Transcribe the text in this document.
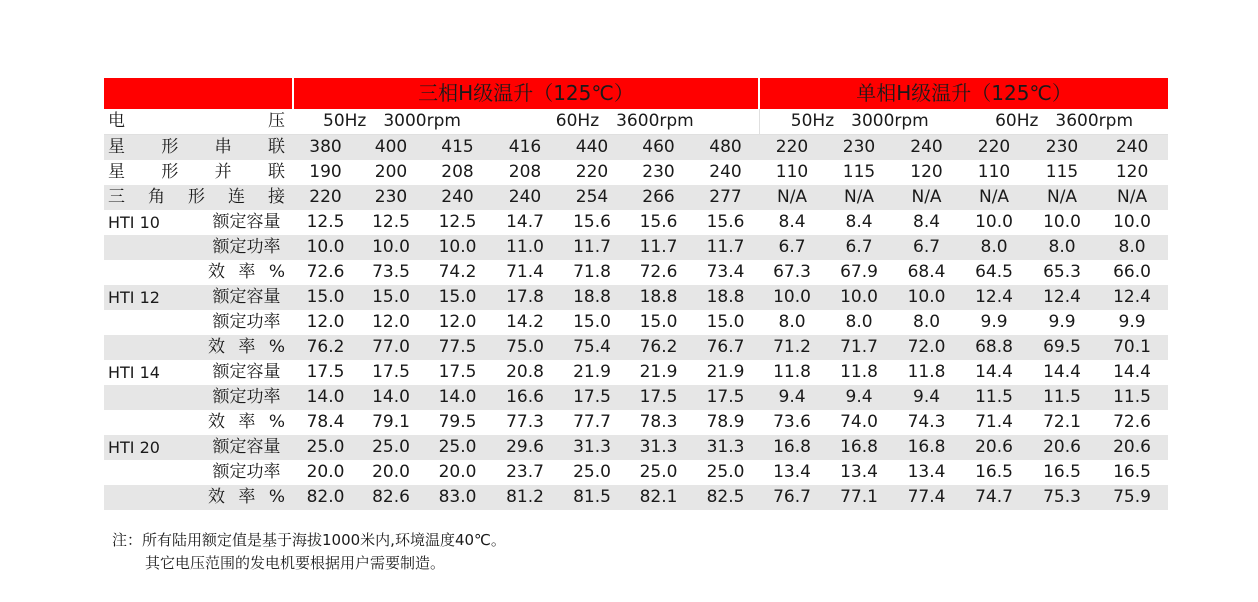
		三相H级温升（125℃）							单相H级温升（125℃）					
电压		50Hz　3000rpm			60Hz　3600rpm				50Hz　3000rpm			60Hz　3600rpm		
星形串联		380	400	415	416	440	460	480	220	230	240	220	230	240
星形并联		190	200	208	208	220	230	240	110	115	120	110	115	120
三角形连接		220	230	240	240	254	266	277	N/A	N/A	N/A	N/A	N/A	N/A
HTI 10	额定容量	12.5	12.5	12.5	14.7	15.6	15.6	15.6	8.4	8.4	8.4	10.0	10.0	10.0
	额定功率	10.0	10.0	10.0	11.0	11.7	11.7	11.7	6.7	6.7	6.7	8.0	8.0	8.0
	效率%	72.6	73.5	74.2	71.4	71.8	72.6	73.4	67.3	67.9	68.4	64.5	65.3	66.0
HTI 12	额定容量	15.0	15.0	15.0	17.8	18.8	18.8	18.8	10.0	10.0	10.0	12.4	12.4	12.4
	额定功率	12.0	12.0	12.0	14.2	15.0	15.0	15.0	8.0	8.0	8.0	9.9	9.9	9.9
	效率%	76.2	77.0	77.5	75.0	75.4	76.2	76.7	71.2	71.7	72.0	68.8	69.5	70.1
HTI 14	额定容量	17.5	17.5	17.5	20.8	21.9	21.9	21.9	11.8	11.8	11.8	14.4	14.4	14.4
	额定功率	14.0	14.0	14.0	16.6	17.5	17.5	17.5	9.4	9.4	9.4	11.5	11.5	11.5
	效率%	78.4	79.1	79.5	77.3	77.7	78.3	78.9	73.6	74.0	74.3	71.4	72.1	72.6
HTI 20	额定容量	25.0	25.0	25.0	29.6	31.3	31.3	31.3	16.8	16.8	16.8	20.6	20.6	20.6
	额定功率	20.0	20.0	20.0	23.7	25.0	25.0	25.0	13.4	13.4	13.4	16.5	16.5	16.5
	效率%	82.0	82.6	83.0	81.2	81.5	82.1	82.5	76.7	77.1	77.4	74.7	75.3	75.9
注：所有陆用额定值是基于海拔1000米内,环境温度40℃。
其它电压范围的发电机要根据用户需要制造。
